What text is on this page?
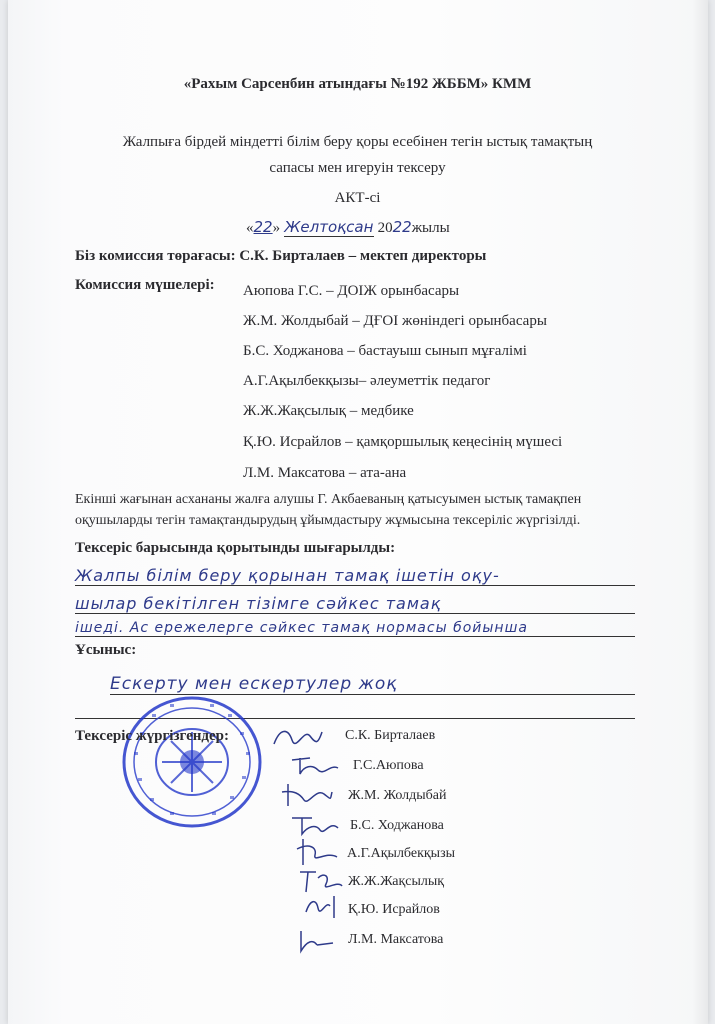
«Рахым Сарсенбин атындағы №192 ЖББМ» КММ
Жалпыға бірдей міндетті білім беру қоры есебінен тегін ыстық тамақтың
сапасы мен игеруін тексеру
АКТ-сі
«22» Желтоқсан 2022жылы
Біз комиссия төрағасы: С.К. Бирталаев – мектеп директоры
Комиссия мүшелері: Аюпова Г.С. – ДОІЖ орынбасары
Ж.М. Жолдыбай – ДҒОІ жөніндегі орынбасары
Б.С. Ходжанова – бастауыш сынып мұғалімі
А.Г.Ақылбекқызы– әлеуметтік педагог
Ж.Ж.Жақсылық – медбике
Қ.Ю. Исрайлов – қамқоршылық кеңесінің мүшесі
Л.М. Максатова – ата-ана
Екінші жағынан асхананы жалға алушы Г. Акбаеваның қатысуымен ыстық тамақпен
оқушыларды тегін тамақтандырудың ұйымдастыру жұмысына тексеріліс жүргізілді.
Тексеріс барысында қорытынды шығарылды:
Жалпы білім беру қорынан тамақ ішетін оқу-
шылар бекітілген тізімге сәйкес тамақ
ішеді. Ас ережелерге сәйкес тамақ нормасы бойынша
Ұсыныс:
Ескерту мен ескертулер жоқ
Тексеріс жүргізгендер:	С.К. Бирталаев
Г.С.Аюпова
Ж.М. Жолдыбай
Б.С. Ходжанова
А.Г.Ақылбекқызы
Ж.Ж.Жақсылық
Қ.Ю. Исрайлов
Л.М. Максатова
